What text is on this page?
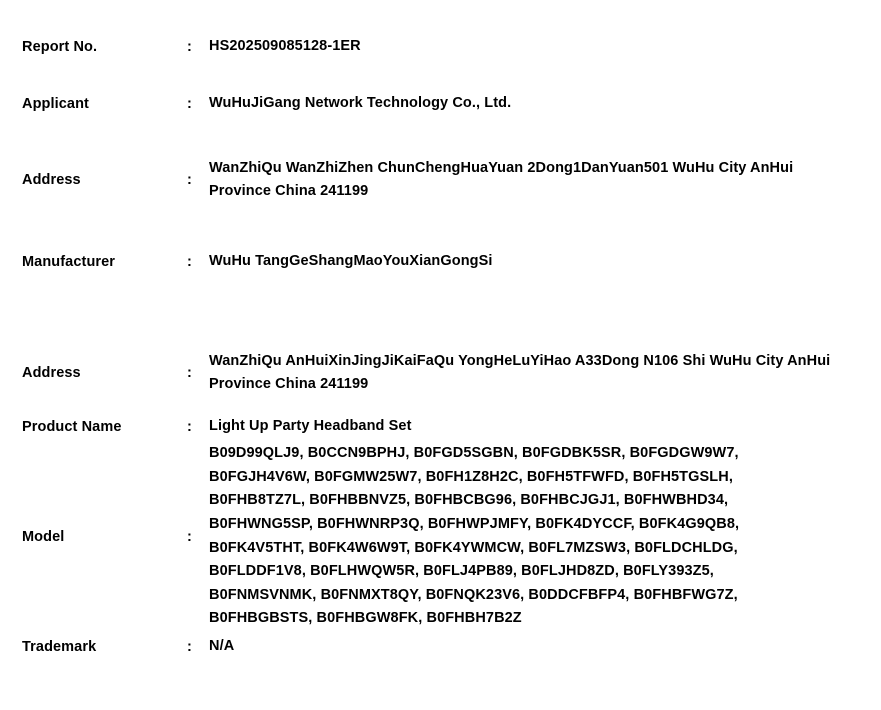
Report No.	:	HS202509085128-1ER
Applicant	:	WuHuJiGang Network Technology Co., Ltd.
Address	:	WanZhiQu WanZhiZhen ChunChengHuaYuan 2Dong1DanYuan501 WuHu City AnHui Province China 241199
Manufacturer	:	WuHu TangGeShangMaoYouXianGongSi

Address	:	WanZhiQu AnHuiXinJingJiKaiFaQu YongHeLuYiHao A33Dong N106 Shi WuHu City AnHui Province China 241199
Product Name	:	Light Up Party Headband Set
Model	:	
B09D99QLJ9, B0CCN9BPHJ, B0FGD5SGBN, B0FGDBK5SR, B0FGDGW9W7,
B0FGJH4V6W, B0FGMW25W7, B0FH1Z8H2C, B0FH5TFWFD, B0FH5TGSLH,
B0FHB8TZ7L, B0FHBBNVZ5, B0FHBCBG96, B0FHBCJGJ1, B0FHWBHD34,
B0FHWNG5SP, B0FHWNRP3Q, B0FHWPJMFY, B0FK4DYCCF, B0FK4G9QB8,
B0FK4V5THT, B0FK4W6W9T, B0FK4YWMCW, B0FL7MZSW3, B0FLDCHLDG,
B0FLDDF1V8, B0FLHWQW5R, B0FLJ4PB89, B0FLJHD8ZD, B0FLY393Z5,
B0FNMSVNMK, B0FNMXT8QY, B0FNQK23V6, B0DDCFBFP4, B0FHBFWG7Z,
B0FHBGBSTS, B0FHBGW8FK, B0FHBH7B2Z

Trademark	:	N/A
